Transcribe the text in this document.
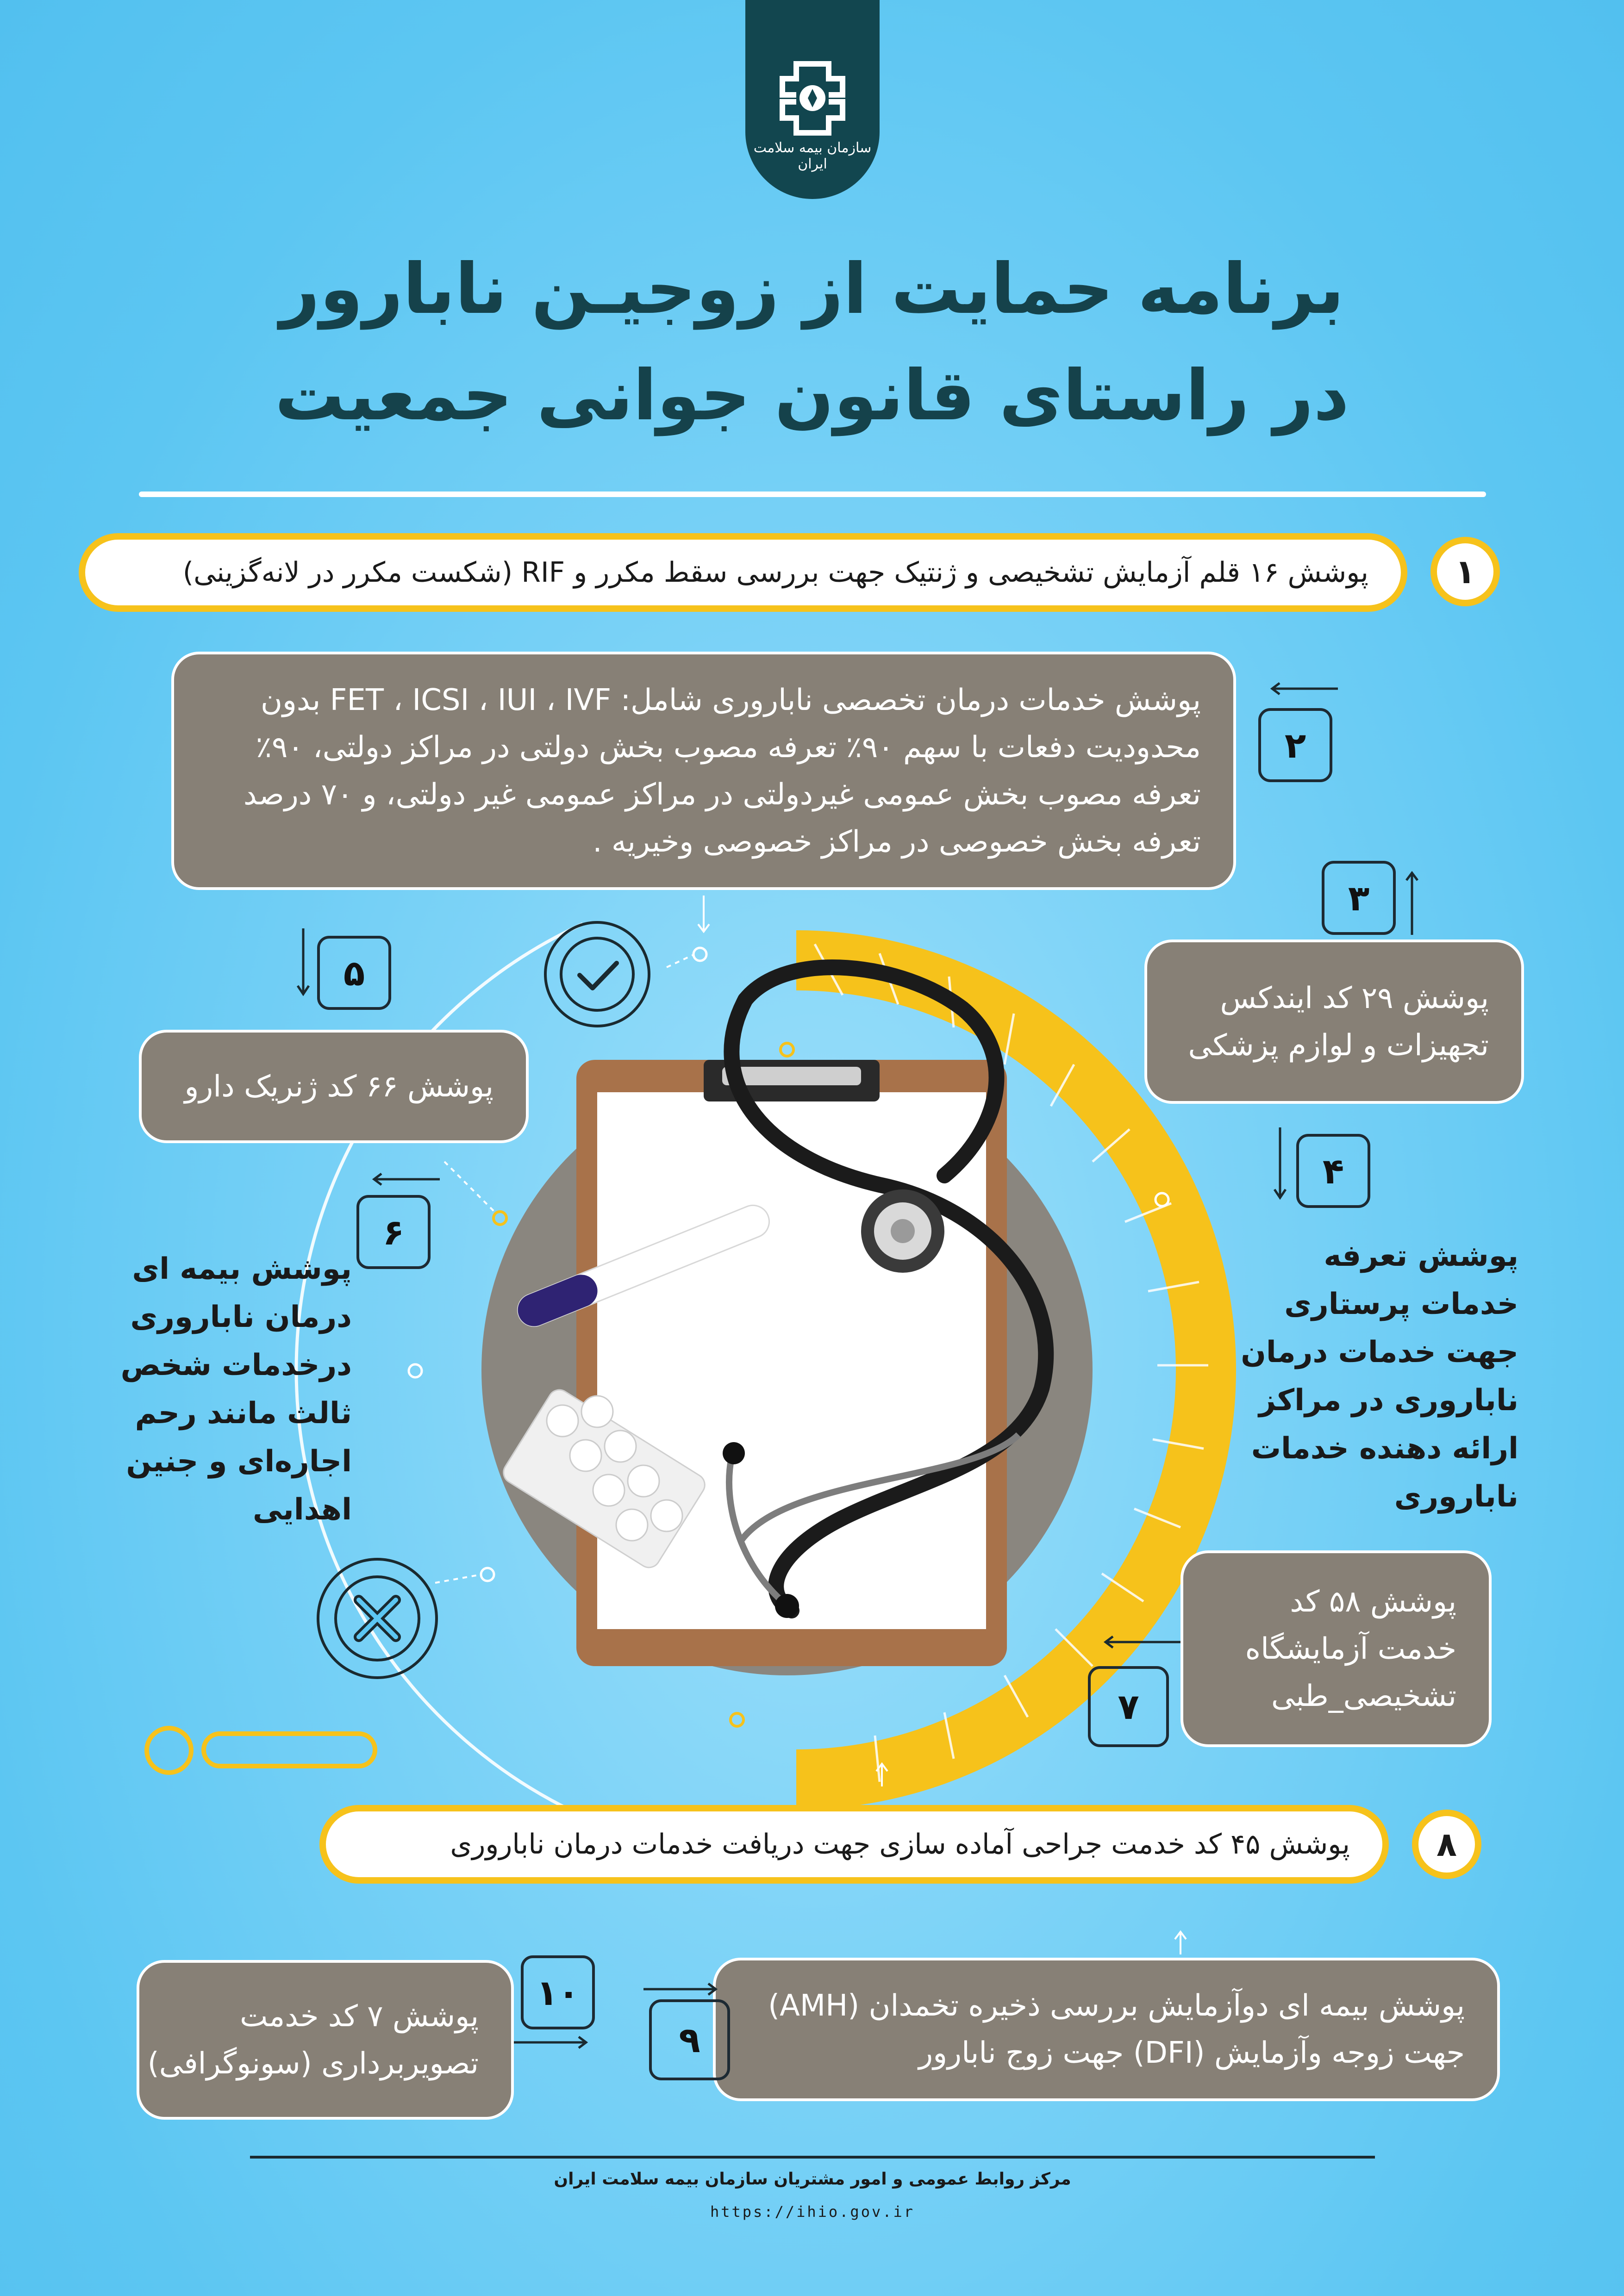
سازمان بیمه سلامت ایران
برنامه حمایت از زوجیـن نابارور
در راستای قانون جوانی جمعیت
پوشش ۱۶ قلم آزمایش تشخیصی و ژنتیک جهت بررسی سقط مکرر و RIF (شکست مکرر در لانه‌گزینی)	۱
پوشش خدمات درمان تخصصی ناباروری شامل: FET ، ICSI ، IUI ، IVF بدون
محدودیت دفعات با سهم ۹۰٪ تعرفه مصوب بخش دولتی در مراکز دولتی، ۹۰٪
تعرفه مصوب بخش عمومی غیردولتی در مراکز عمومی غیر دولتی، و ۷۰ درصد
تعرفه بخش خصوصی در مراکز خصوصی وخیریه .
۲
۳
پوشش ۲۹ کد ایندکس
تجهیزات و لوازم پزشکی
۴
پوشش تعرفه
خدمات پرستاری
جهت خدمات درمان
ناباروری در مراکز
ارائه دهنده خدمات
ناباروری
۵
پوشش ۶۶ کد ژنریک دارو
۶
پوشش بیمه ای
درمان ناباروری
درخدمات شخص
ثالث مانند رحم
اجاره‌ای و جنین
اهدایی
پوشش ۵۸ کد
خدمت آزمایشگاه
تشخیصی_طبی
۷
پوشش ۴۵ کد خدمت جراحی آماده سازی جهت دریافت خدمات درمان ناباروری	۸
پوشش بیمه ای دوآزمایش بررسی ذخیره تخمدان (AMH)
جهت زوجه وآزمایش (DFI) جهت زوج نابارور
۹
۱۰
پوشش ۷ کد خدمت
تصویربرداری (سونوگرافی)
مرکز روابط عمومی و امور مشتریان سازمان بیمه سلامت ایران
https://ihio.gov.ir
